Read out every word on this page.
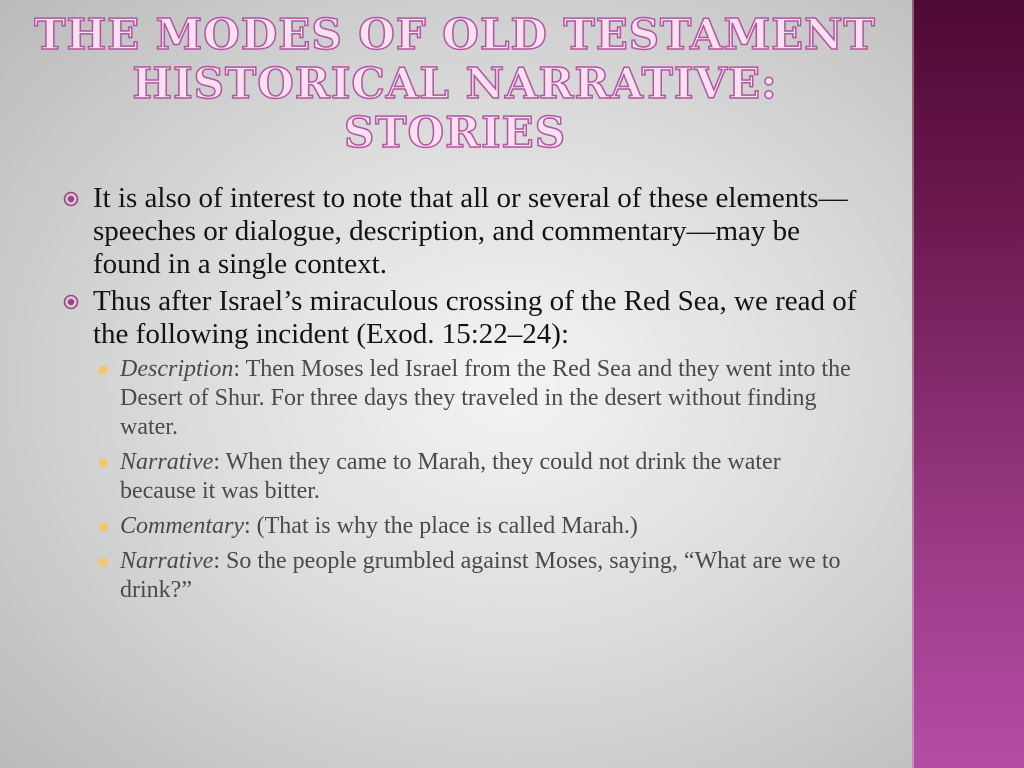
THE MODES OF OLD TESTAMENT
HISTORICAL NARRATIVE:
STORIES
It is also of interest to note that all or several of these elements—speeches or dialogue, description, and commentary—may be found in a single context.
Thus after Israel’s miraculous crossing of the Red Sea, we read of the following incident (Exod. 15:22–24):
Description: Then Moses led Israel from the Red Sea and they went into the Desert of Shur. For three days they traveled in the desert without finding water.
Narrative: When they came to Marah, they could not drink the water because it was bitter.
Commentary: (That is why the place is called Marah.)
Narrative: So the people grumbled against Moses, saying, “What are we to drink?”
